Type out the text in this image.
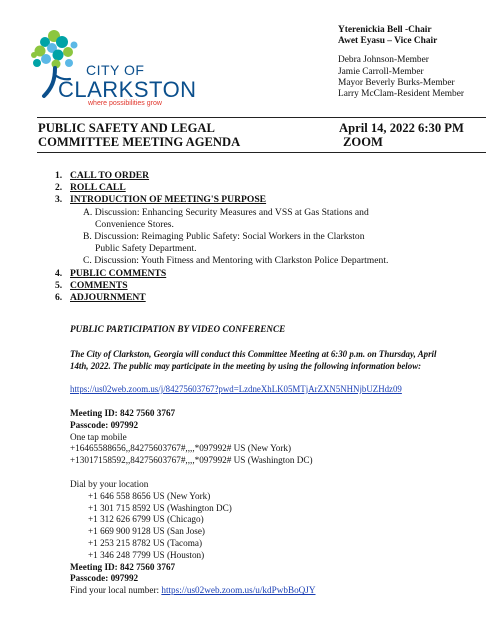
CITY OF
CLARKSTON
where possibilities grow
Yterenickia Bell -Chair
Awet Eyasu – Vice Chair
Debra Johnson-Member
Jamie Carroll-Member
Mayor Beverly Burks-Member
Larry McClam-Resident Member
PUBLIC SAFETY AND LEGAL
COMMITTEE MEETING AGENDA
April 14, 2022 6:30 PM
ZOOM
1. CALL TO ORDER
2. ROLL CALL
3. INTRODUCTION OF MEETING'S PURPOSE
A. Discussion: Enhancing Security Measures and VSS at Gas Stations and
Convenience Stores.
B. Discussion: Reimaging Public Safety: Social Workers in the Clarkston
Public Safety Department.
C. Discussion: Youth Fitness and Mentoring with Clarkston Police Department.
4. PUBLIC COMMENTS
5. COMMENTS
6. ADJOURNMENT
PUBLIC PARTICIPATION BY VIDEO CONFERENCE
The City of Clarkston, Georgia will conduct this Committee Meeting at 6:30 p.m. on Thursday, April
14th, 2022. The public may participate in the meeting by using the following information below:
https://us02web.zoom.us/j/84275603767?pwd=LzdneXhLK05MTjArZXN5NHNjbUZHdz09
Meeting ID: 842 7560 3767
Passcode: 097992
One tap mobile
+16465588656,,84275603767#,,,,*097992# US (New York)
+13017158592,,84275603767#,,,,*097992# US (Washington DC)
Dial by your location
+1 646 558 8656 US (New York)
+1 301 715 8592 US (Washington DC)
+1 312 626 6799 US (Chicago)
+1 669 900 9128 US (San Jose)
+1 253 215 8782 US (Tacoma)
+1 346 248 7799 US (Houston)
Meeting ID: 842 7560 3767
Passcode: 097992
Find your local number: https://us02web.zoom.us/u/kdPwbBoQJY
